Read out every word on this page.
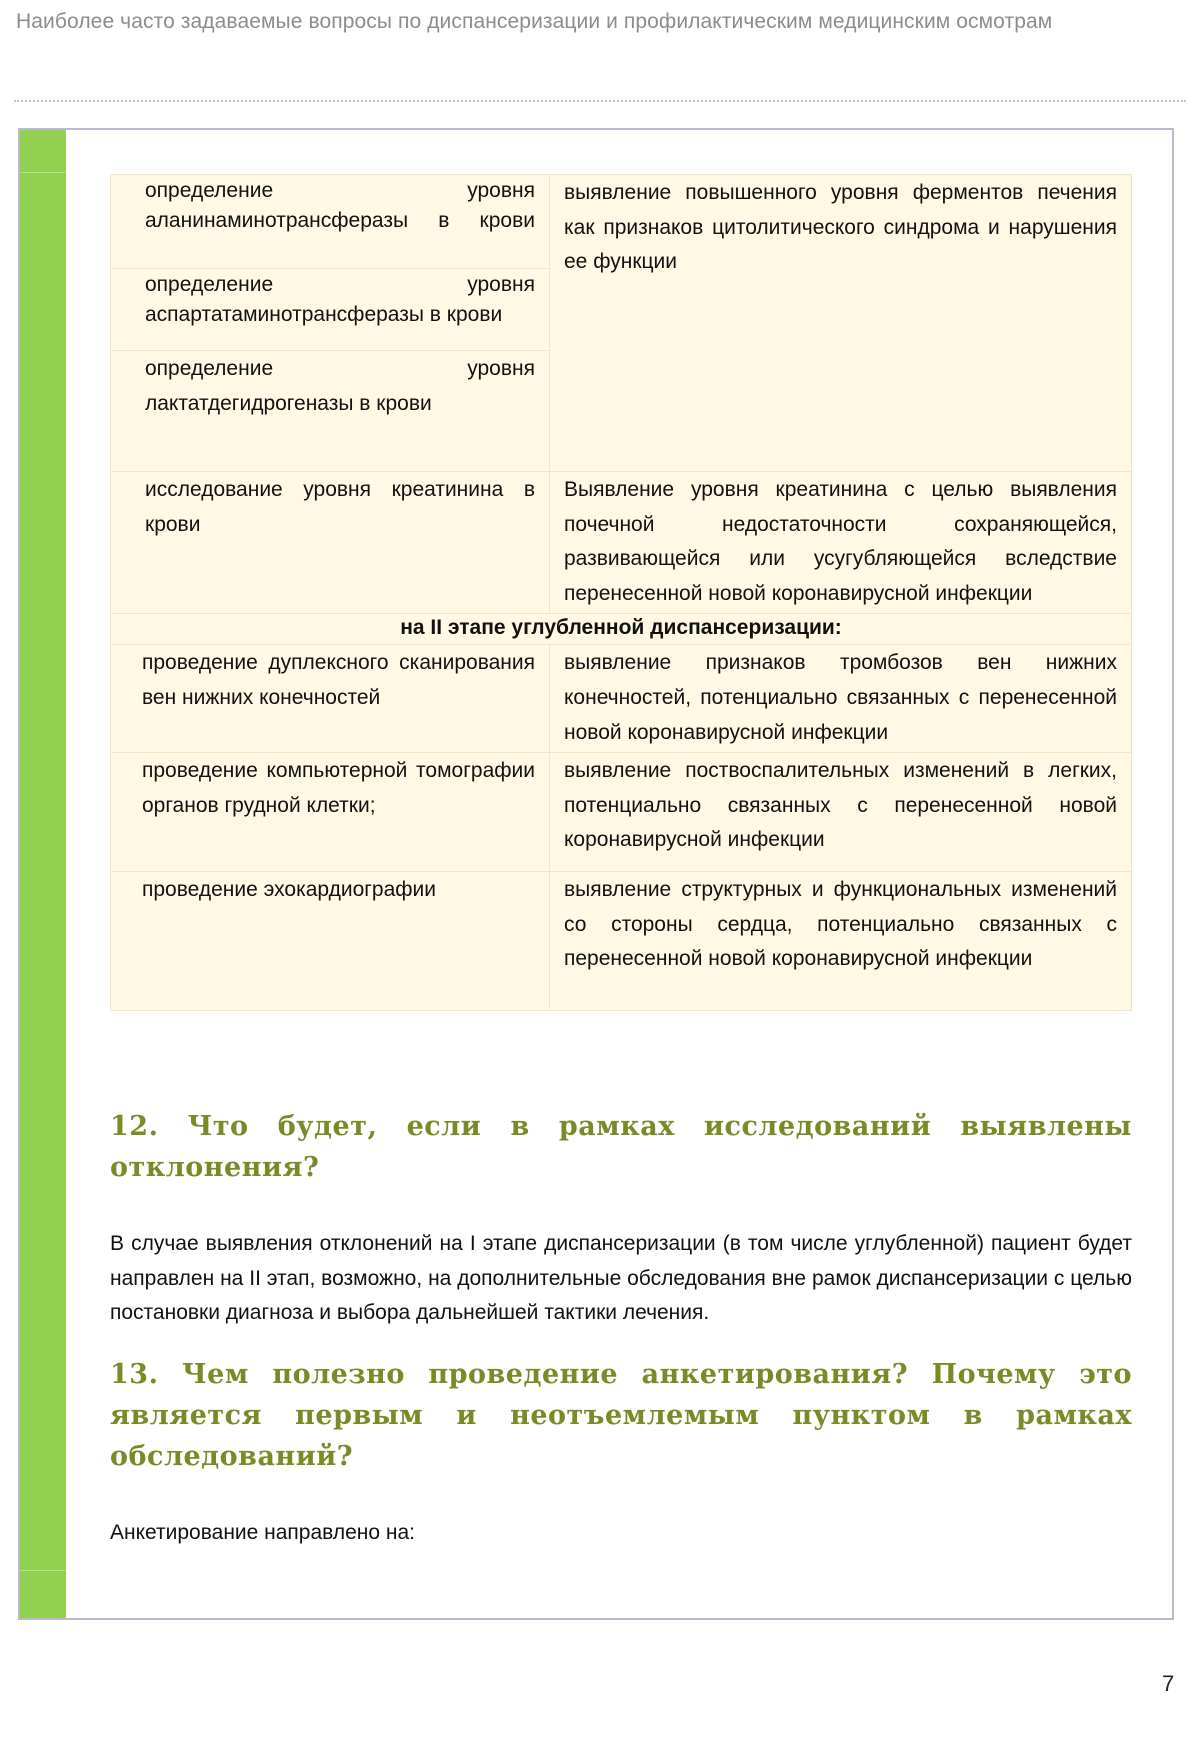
Наиболее часто задаваемые вопросы по диспансеризации и профилактическим медицинским осмотрам
определение уровня аланинаминотрансферазы в крови	выявление повышенного уровня ферментов печения как признаков цитолитического синдрома и нарушения ее функции
определение уровня аспартатаминотрансферазы в крови	
определение уровня лактатдегидрогеназы в крови	
исследование уровня креатинина в крови	Выявление уровня креатинина с целью выявления почечной недостаточности сохраняющейся, развивающейся или усугубляющейся вследствие перенесенной новой коронавирусной инфекции
на II этапе углубленной диспансеризации:	
проведение дуплексного сканирования вен нижних конечностей	выявление признаков тромбозов вен нижних конечностей, потенциально связанных с перенесенной новой коронавирусной инфекции
проведение компьютерной томографии органов грудной клетки;	выявление поствоспалительных изменений в легких, потенциально связанных с перенесенной новой коронавирусной инфекции
проведение эхокардиографии	выявление структурных и функциональных изменений со стороны сердца, потенциально связанных с перенесенной новой коронавирусной инфекции
12. Что будет, если в рамках исследований выявлены отклонения?
В случае выявления отклонений на I этапе диспансеризации (в том числе углубленной) пациент будет направлен на II этап, возможно, на дополнительные обследования вне рамок диспансеризации с целью постановки диагноза и выбора дальнейшей тактики лечения.
13. Чем полезно проведение анкетирования? Почему это является первым и неотъемлемым пунктом в рамках обследований?
Анкетирование направлено на:
7
